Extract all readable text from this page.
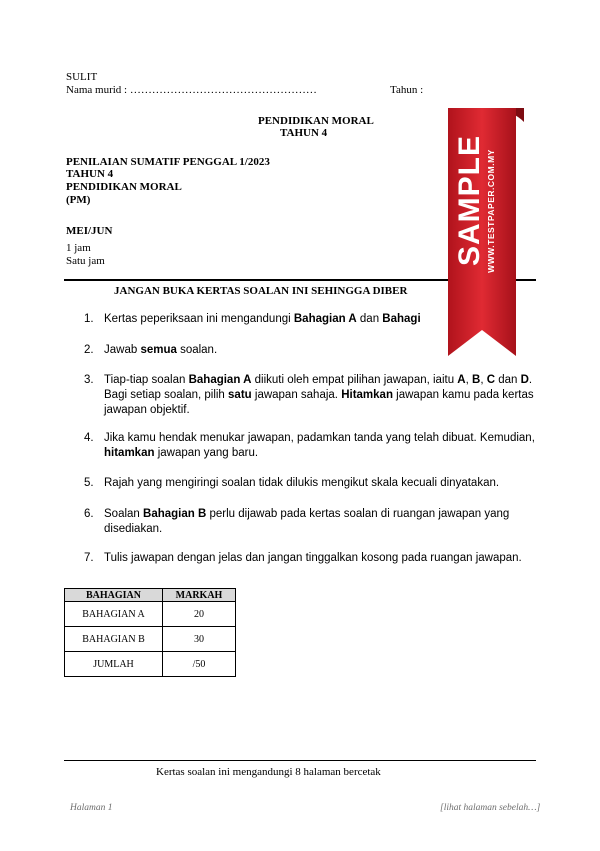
SULIT
Nama murid : ……………………………………………	Tahun :
PENDIDIKAN MORAL
TAHUN 4
PENILAIAN SUMATIF PENGGAL 1/2023
TAHUN 4
PENDIDIKAN MORAL
(PM)
MEI/JUN
1 jam
Satu jam
JANGAN BUKA KERTAS SOALAN INI SEHINGGA DIBER
1. Kertas peperiksaan ini mengandungi Bahagian A dan Bahagi
2. Jawab semua soalan.
3. Tiap-tiap soalan Bahagian A diikuti oleh empat pilihan jawapan, iaitu A, B, C dan D. Bagi setiap soalan, pilih satu jawapan sahaja. Hitamkan jawapan kamu pada kertas jawapan objektif.
4. Jika kamu hendak menukar jawapan, padamkan tanda yang telah dibuat. Kemudian, hitamkan jawapan yang baru.
5. Rajah yang mengiringi soalan tidak dilukis mengikut skala kecuali dinyatakan.
6. Soalan Bahagian B perlu dijawab pada kertas soalan di ruangan jawapan yang disediakan.
7. Tulis jawapan dengan jelas dan jangan tinggalkan kosong pada ruangan jawapan.
BAHAGIAN	MARKAH
BAHAGIAN A	20
BAHAGIAN B	30
JUMLAH	/50
Kertas soalan ini mengandungi 8 halaman bercetak
Halaman 1	[lihat halaman sebelah…]
SAMPLE WWW.TESTPAPER.COM.MY
